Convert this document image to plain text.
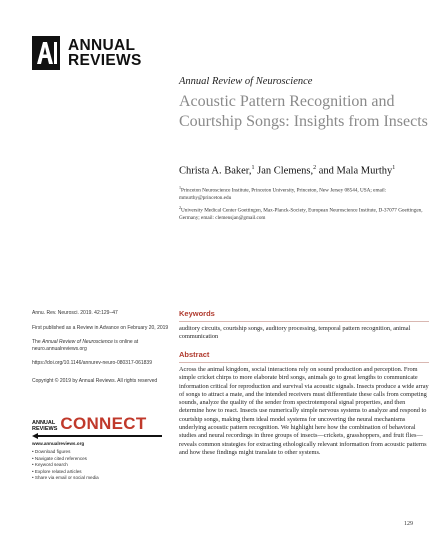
ANNUAL
REVIEWS
Annual Review of Neuroscience
Acoustic Pattern Recognition and Courtship Songs: Insights from Insects
Christa A. Baker,$^1$ Jan Clemens,$^2$ and Mala Murthy$^1$
$^1$Princeton Neuroscience Institute, Princeton University, Princeton, New Jersey 08544, USA; email: mmurthy@princeton.edu
$^2$University Medical Center Goettingen, Max-Planck-Society, European Neuroscience Institute, D-37077 Goettingen, Germany; email: clemensjan@gmail.com
Annu. Rev. Neurosci. 2019. 42:129–47
First published as a Review in Advance on February 20, 2019
The Annual Review of Neuroscience is online at neuro.annualreviews.org
https://doi.org/10.1146/annurev-neuro-080317-061839
Copyright © 2019 by Annual Reviews. All rights reserved
ANNUAL
REVIEWS CONNECT
www.annualreviews.org
• Download figures
• Navigate cited references
• Keyword search
• Explore related articles
• Share via email or social media
Keywords
auditory circuits, courtship songs, auditory processing, temporal pattern recognition, animal communication
Abstract
Across the animal kingdom, social interactions rely on sound production and perception. From simple cricket chirps to more elaborate bird songs, animals go to great lengths to communicate information critical for reproduction and survival via acoustic signals. Insects produce a wide array of songs to attract a mate, and the intended receivers must differentiate these calls from competing sounds, analyze the quality of the sender from spectrotemporal signal properties, and then determine how to react. Insects use numerically simple nervous systems to analyze and respond to courtship songs, making them ideal model systems for uncovering the neural mechanisms underlying acoustic pattern recognition. We highlight here how the combination of behavioral studies and neural recordings in three groups of insects—crickets, grasshoppers, and fruit flies—reveals common strategies for extracting ethologically relevant information from acoustic patterns and how these findings might translate to other systems.
129
